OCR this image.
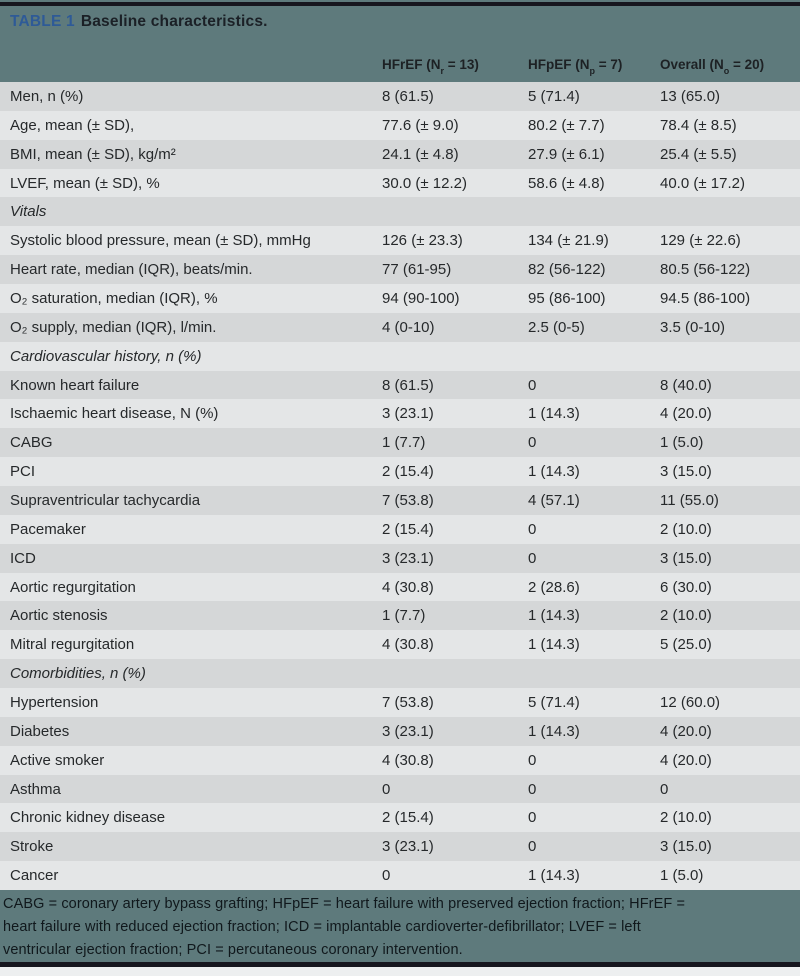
TABLE 1 Baseline characteristics.
HFrEF $(N_r = 13)$	HFpEF $(N_p = 7)$	Overall $(N_o = 20)$
Men, n (%)	8 (61.5)	5 (71.4)	13 (65.0)
Age, mean (± SD),	77.6 (± 9.0)	80.2 (± 7.7)	78.4 (± 8.5)
BMI, mean (± SD), kg/m²	24.1 (± 4.8)	27.9 (± 6.1)	25.4 (± 5.5)
LVEF, mean (± SD), %	30.0 (± 12.2)	58.6 (± 4.8)	40.0 (± 17.2)
Vitals
Systolic blood pressure, mean (± SD), mmHg	126 (± 23.3)	134 (± 21.9)	129 (± 22.6)
Heart rate, median (IQR), beats/min.	77 (61-95)	82 (56-122)	80.5 (56-122)
O₂ saturation, median (IQR), %	94 (90-100)	95 (86-100)	94.5 (86-100)
O₂ supply, median (IQR), l/min.	4 (0-10)	2.5 (0-5)	3.5 (0-10)
Cardiovascular history, n (%)
Known heart failure	8 (61.5)	0	8 (40.0)
Ischaemic heart disease, N (%)	3 (23.1)	1 (14.3)	4 (20.0)
CABG	1 (7.7)	0	1 (5.0)
PCI	2 (15.4)	1 (14.3)	3 (15.0)
Supraventricular tachycardia	7 (53.8)	4 (57.1)	11 (55.0)
Pacemaker	2 (15.4)	0	2 (10.0)
ICD	3 (23.1)	0	3 (15.0)
Aortic regurgitation	4 (30.8)	2 (28.6)	6 (30.0)
Aortic stenosis	1 (7.7)	1 (14.3)	2 (10.0)
Mitral regurgitation	4 (30.8)	1 (14.3)	5 (25.0)
Comorbidities, n (%)
Hypertension	7 (53.8)	5 (71.4)	12 (60.0)
Diabetes	3 (23.1)	1 (14.3)	4 (20.0)
Active smoker	4 (30.8)	0	4 (20.0)
Asthma	0	0	0
Chronic kidney disease	2 (15.4)	0	2 (10.0)
Stroke	3 (23.1)	0	3 (15.0)
Cancer	0	1 (14.3)	1 (5.0)
CABG = coronary artery bypass grafting; HFpEF = heart failure with preserved ejection fraction; HFrEF =
heart failure with reduced ejection fraction; ICD = implantable cardioverter-defibrillator; LVEF = left
ventricular ejection fraction; PCI = percutaneous coronary intervention.
